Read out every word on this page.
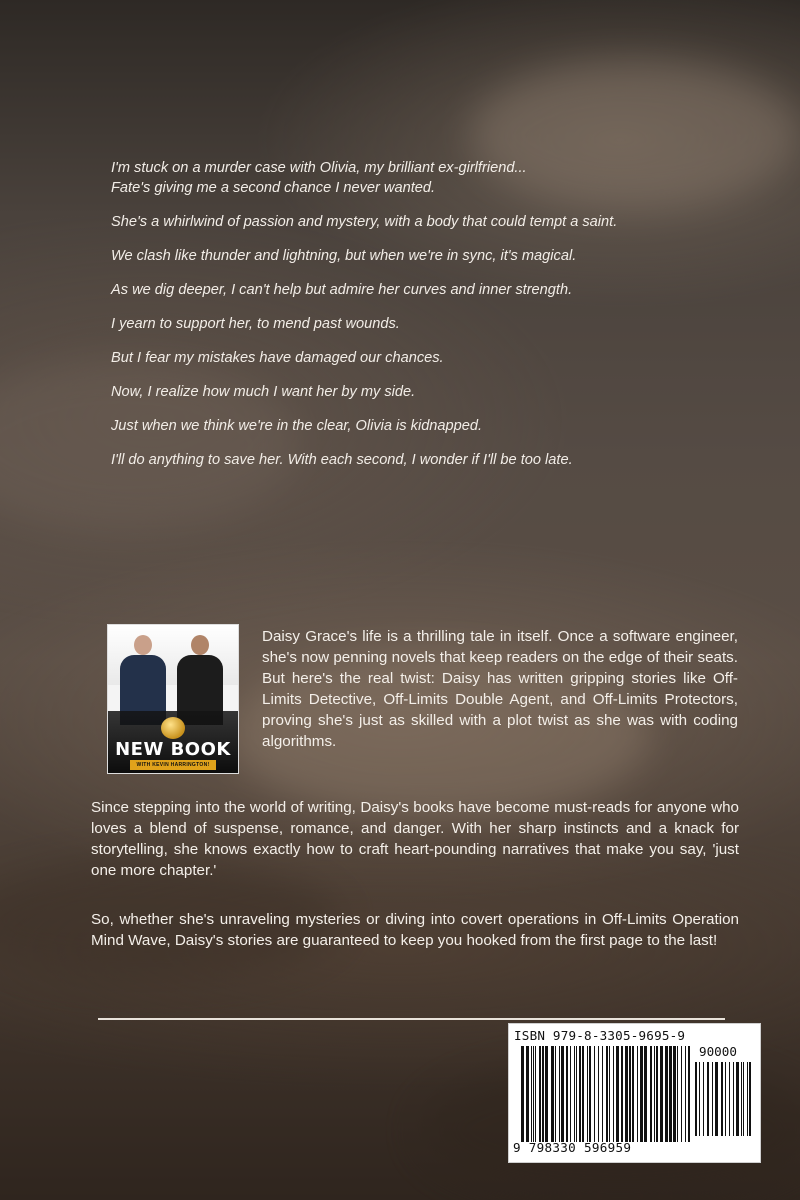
I'm stuck on a murder case with Olivia, my brilliant ex-girlfriend...
Fate's giving me a second chance I never wanted.

She's a whirlwind of passion and mystery, with a body that could tempt a saint.

We clash like thunder and lightning, but when we're in sync, it's magical.

As we dig deeper, I can't help but admire her curves and inner strength.

I yearn to support her, to mend past wounds.

But I fear my mistakes have damaged our chances.

Now, I realize how much I want her by my side.

Just when we think we're in the clear, Olivia is kidnapped.

I'll do anything to save her. With each second, I wonder if I'll be too late.

NEW BOOK
WITH KEVIN HARRINGTON!
Daisy Grace's life is a thrilling tale in itself. Once a software engineer, she's now penning novels that keep readers on the edge of their seats. But here's the real twist: Daisy has written gripping stories like Off-Limits Detective, Off-Limits Double Agent, and Off-Limits Protectors, proving she's just as skilled with a plot twist as she was with coding algorithms.
Since stepping into the world of writing, Daisy's books have become must-reads for anyone who loves a blend of suspense, romance, and danger. With her sharp instincts and a knack for storytelling, she knows exactly how to craft heart-pounding narratives that make you say, 'just one more chapter.'
So, whether she's unraveling mysteries or diving into covert operations in Off-Limits Operation Mind Wave, Daisy's stories are guaranteed to keep you hooked from the first page to the last!
ISBN 979-8-3305-9695-9
90000
9 798330 596959
